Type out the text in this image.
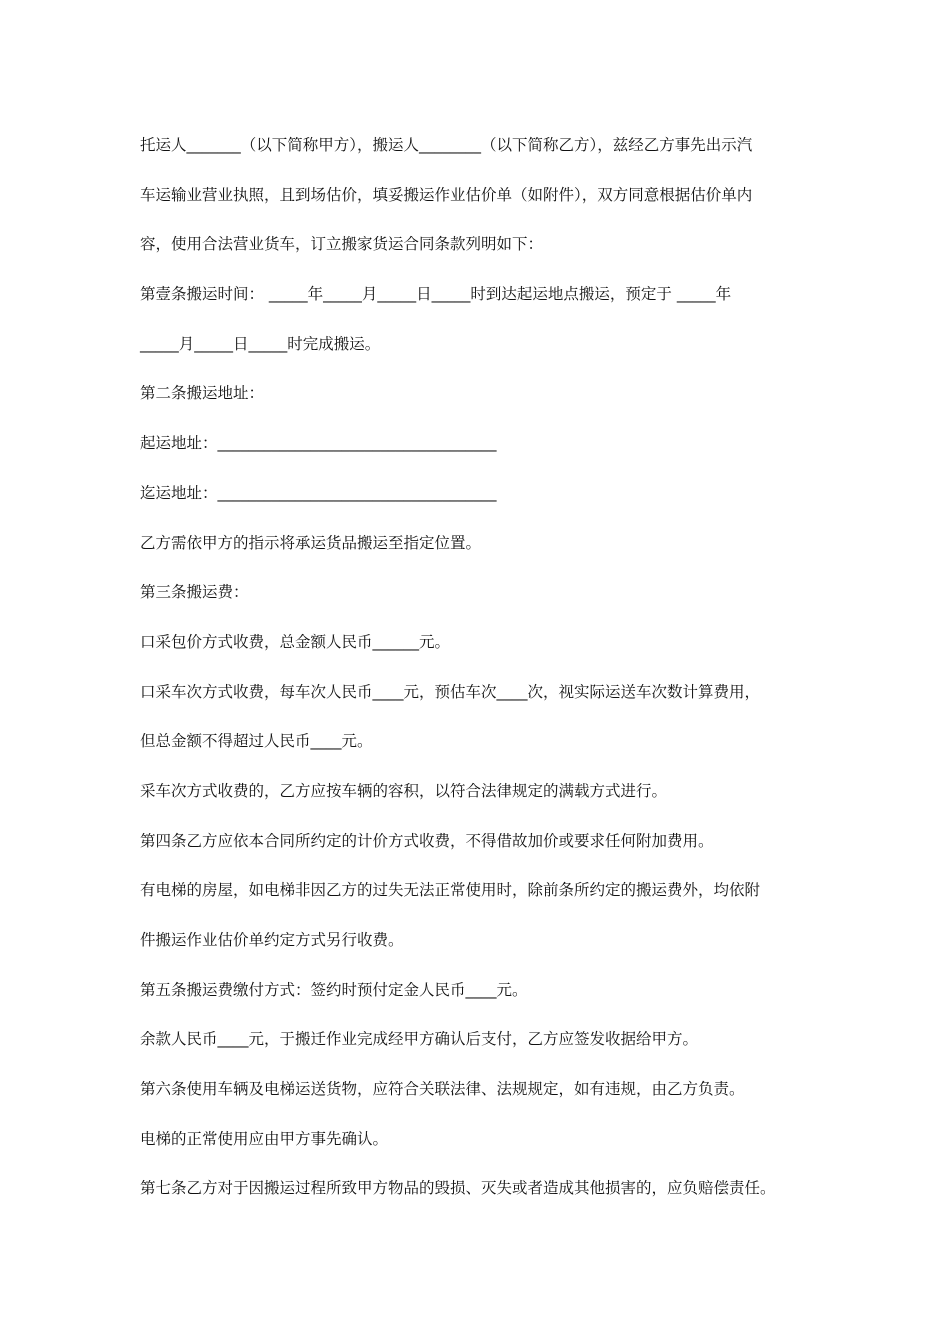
托运人_______（以下简称甲方），搬运人________（以下简称乙方），兹经乙方事先出示汽
车运输业营业执照，且到场估价，填妥搬运作业估价单（如附件），双方同意根据估价单内
容，使用合法营业货车，订立搬家货运合同条款列明如下：
第壹条搬运时间： _____年_____月_____日_____时到达起运地点搬运，预定于 _____年
_____月_____日_____时完成搬运。
第二条搬运地址：
起运地址：____________________________________
迄运地址：____________________________________
乙方需依甲方的指示将承运货品搬运至指定位置。
第三条搬运费：
口采包价方式收费，总金额人民币______元。
口采车次方式收费，每车次人民币____元，预估车次____次，视实际运送车次数计算费用，
但总金额不得超过人民币____元。
采车次方式收费的，乙方应按车辆的容积，以符合法律规定的满载方式进行。
第四条乙方应依本合同所约定的计价方式收费，不得借故加价或要求任何附加费用。
有电梯的房屋，如电梯非因乙方的过失无法正常使用时，除前条所约定的搬运费外，均依附
件搬运作业估价单约定方式另行收费。
第五条搬运费缴付方式：签约时预付定金人民币____元。
余款人民币____元，于搬迁作业完成经甲方确认后支付，乙方应签发收据给甲方。
第六条使用车辆及电梯运送货物，应符合关联法律、法规规定，如有违规，由乙方负责。
电梯的正常使用应由甲方事先确认。
第七条乙方对于因搬运过程所致甲方物品的毁损、灭失或者造成其他损害的，应负赔偿责任。
